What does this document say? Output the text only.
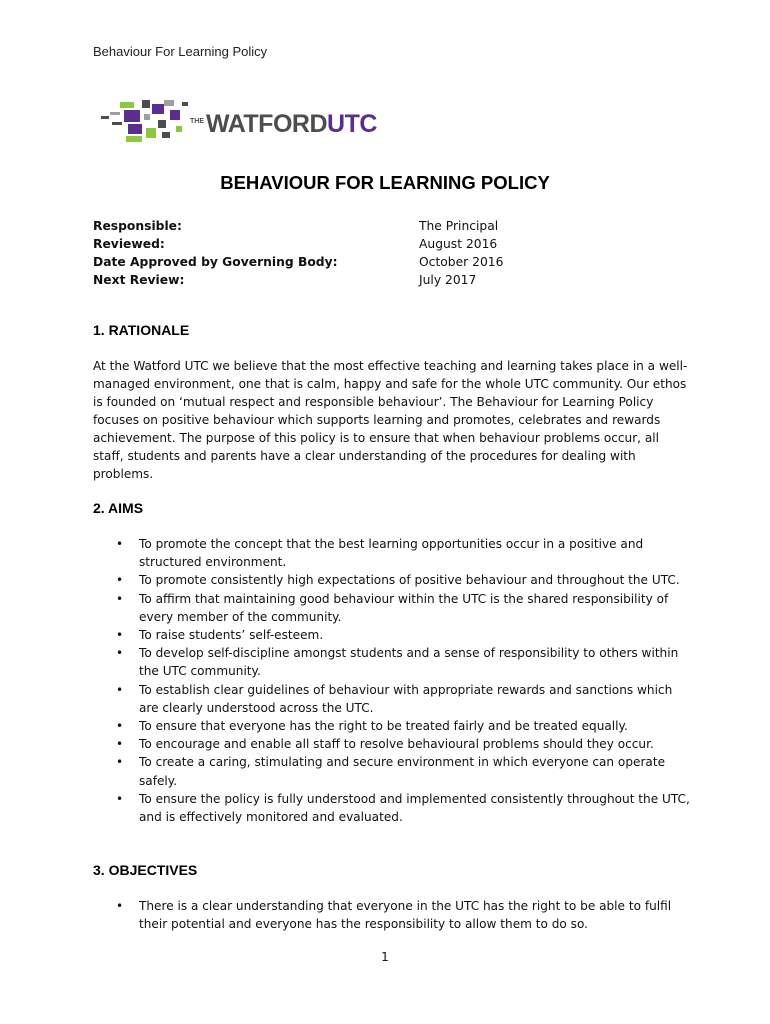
Behaviour For Learning Policy
$^{THE}$WATFORDUTC
BEHAVIOUR FOR LEARNING POLICY
Responsible:	The Principal
Reviewed:	August 2016
Date Approved by Governing Body:	October 2016
Next Review:	July 2017
1. RATIONALE

At the Watford UTC we believe that the most effective teaching and learning takes place in a well-managed environment, one that is calm, happy and safe for the whole UTC community. Our ethos is founded on ‘mutual respect and responsible behaviour’. The Behaviour for Learning Policy focuses on positive behaviour which supports learning and promotes, celebrates and rewards achievement. The purpose of this policy is to ensure that when behaviour problems occur, all staff, students and parents have a clear understanding of the procedures for dealing with problems.

2. AIMS
• To promote the concept that the best learning opportunities occur in a positive and structured environment.
• To promote consistently high expectations of positive behaviour and throughout the UTC.
• To affirm that maintaining good behaviour within the UTC is the shared responsibility of every member of the community.
• To raise students’ self-esteem.
• To develop self-discipline amongst students and a sense of responsibility to others within the UTC community.
• To establish clear guidelines of behaviour with appropriate rewards and sanctions which are clearly understood across the UTC.
• To ensure that everyone has the right to be treated fairly and be treated equally.
• To encourage and enable all staff to resolve behavioural problems should they occur.
• To create a caring, stimulating and secure environment in which everyone can operate safely.
• To ensure the policy is fully understood and implemented consistently throughout the UTC, and is effectively monitored and evaluated.
3. OBJECTIVES
• There is a clear understanding that everyone in the UTC has the right to be able to fulfil their potential and everyone has the responsibility to allow them to do so.
1
